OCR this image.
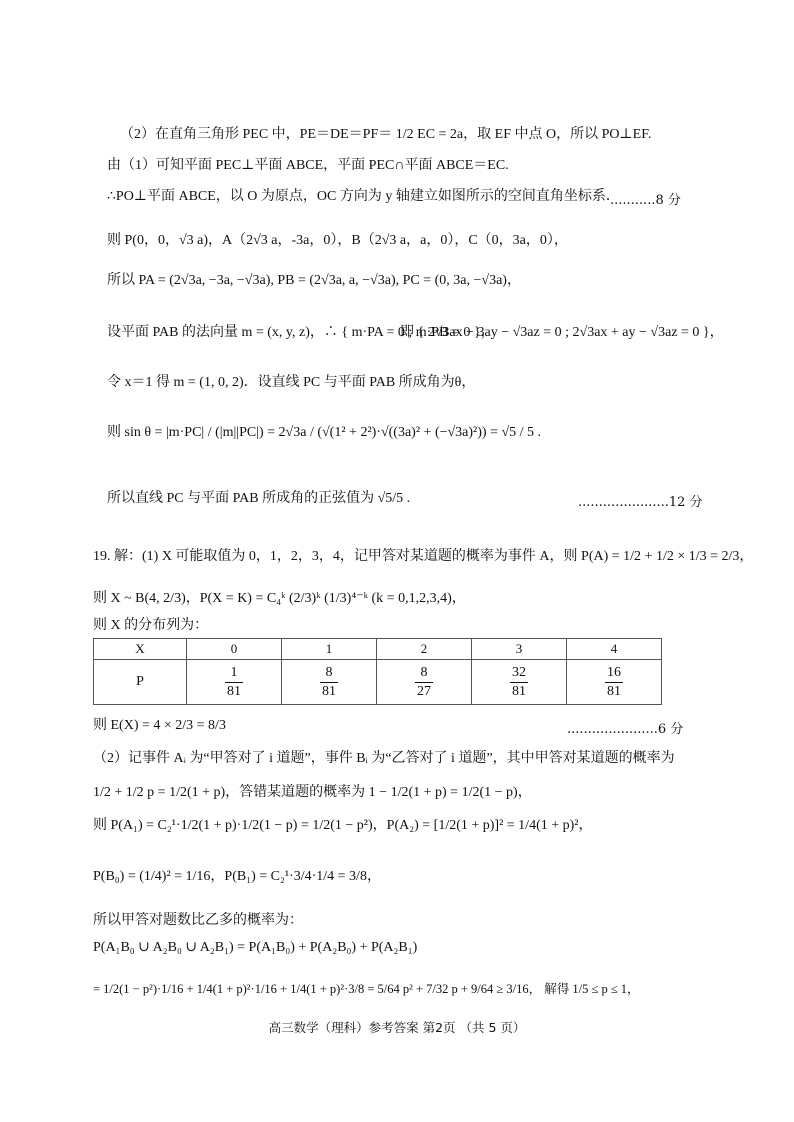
（2）在直角三角形 PEC 中，PE＝DE＝PF＝ 1/2 EC = 2a，取 EF 中点 O，所以 PO⊥EF.
由（1）可知平面 PEC⊥平面 ABCE，平面 PEC∩平面 ABCE＝EC.
∴PO⊥平面 ABCE，以 O 为原点，OC 方向为 y 轴建立如图所示的空间直角坐标系．
...........8 分
则 P(0，0，√3 a)，A（2√3 a，-3a，0），B（2√3 a，a，0），C（0，3a，0），
所以 PA = (2√3a, −3a, −√3a), PB = (2√3a, a, −√3a), PC = (0, 3a, −√3a)，
设平面 PAB 的法向量 m = (x, y, z)，∴ { m·PA = 0 ; m·PB = 0 }，
即 { 2√3ax − 3ay − √3az = 0 ; 2√3ax + ay − √3az = 0 }，
令 x＝1 得 m = (1, 0, 2)．设直线 PC 与平面 PAB 所成角为θ，
则 sin θ = |m·PC| / (|m||PC|) = 2√3a / (√(1² + 2²)·√((3a)² + (−√3a)²)) = √5 / 5 .
所以直线 PC 与平面 PAB 所成角的正弦值为 √5/5 .	......................12 分
19. 解：(1) X 可能取值为 0，1，2，3，4，记甲答对某道题的概率为事件 A，则 P(A) = 1/2 + 1/2 × 1/3 = 2/3，
则 X ~ B(4, 2/3)，P(X = K) = C₄ᵏ (2/3)ᵏ (1/3)⁴⁻ᵏ (k = 0,1,2,3,4)，
则 X 的分布列为：
X	0	1	2	3	4
P	$\frac{1}{81}$	$\frac{8}{81}$	$\frac{8}{27}$	$\frac{32}{81}$	$\frac{16}{81}$
则 E(X) = 4 × 2/3 = 8/3	......................6 分
（2）记事件 Aᵢ 为“甲答对了 i 道题”，事件 Bᵢ 为“乙答对了 i 道题”，其中甲答对某道题的概率为
1/2 + 1/2 p = 1/2(1 + p)，答错某道题的概率为 1 − 1/2(1 + p) = 1/2(1 − p)，
则 P(A₁) = C₂¹·1/2(1 + p)·1/2(1 − p) = 1/2(1 − p²)，P(A₂) = [1/2(1 + p)]² = 1/4(1 + p)²，
P(B₀) = (1/4)² = 1/16，P(B₁) = C₂¹·3/4·1/4 = 3/8，
所以甲答对题数比乙多的概率为：
P(A₁B₀ ∪ A₂B₀ ∪ A₂B₁) = P(A₁B₀) + P(A₂B₀) + P(A₂B₁)
= 1/2(1 − p²)·1/16 + 1/4(1 + p)²·1/16 + 1/4(1 + p)²·3/8 = 5/64 p² + 7/32 p + 9/64 ≥ 3/16， 解得 1/5 ≤ p ≤ 1，
高三数学（理科）参考答案 第2页 （共 5 页）
